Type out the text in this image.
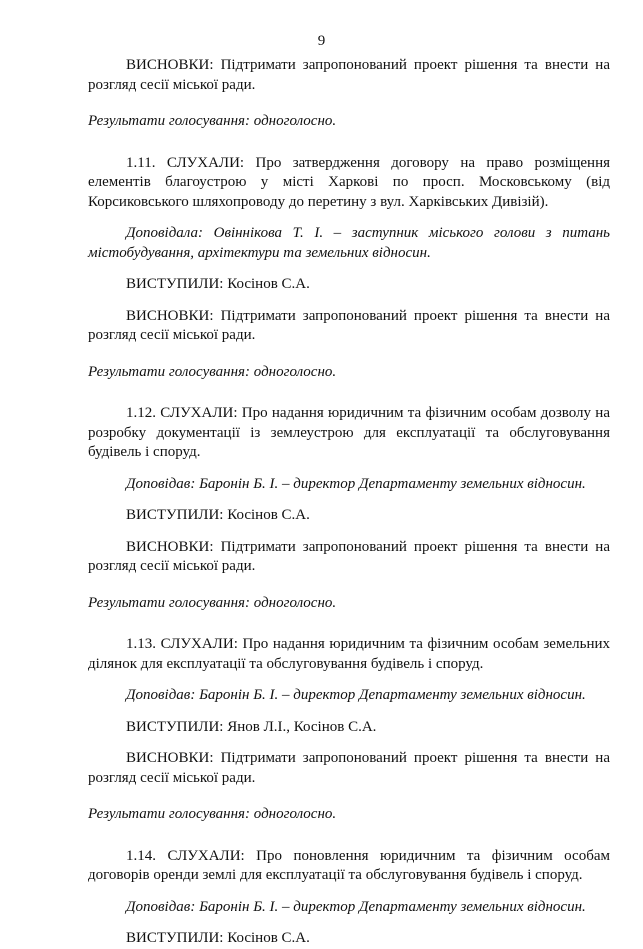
9

ВИСНОВКИ: Підтримати запропонований проект рішення та внести на розгляд сесії міської ради.

Результати голосування: одноголосно.

1.11. СЛУХАЛИ: Про затвердження договору на право розміщення елементів благоустрою у місті Харкові по просп. Московському (від Корсиковського шляхопроводу до перетину з вул. Харківських Дивізій).

Доповідала: Овіннікова Т. І. – заступник міського голови з питань містобудування, архітектури та земельних відносин.

ВИСТУПИЛИ: Косінов С.А.

ВИСНОВКИ: Підтримати запропонований проект рішення та внести на розгляд сесії міської ради.

Результати голосування: одноголосно.

1.12. СЛУХАЛИ: Про надання юридичним та фізичним особам дозволу на розробку документації із землеустрою для експлуатації та обслуговування будівель і споруд.

Доповідав: Баронін Б. І. – директор Департаменту земельних відносин.

ВИСТУПИЛИ: Косінов С.А.

ВИСНОВКИ: Підтримати запропонований проект рішення та внести на розгляд сесії міської ради.

Результати голосування: одноголосно.

1.13. СЛУХАЛИ: Про надання юридичним та фізичним особам земельних ділянок для експлуатації та обслуговування будівель і споруд.

Доповідав: Баронін Б. І. – директор Департаменту земельних відносин.

ВИСТУПИЛИ: Янов Л.І., Косінов С.А.

ВИСНОВКИ: Підтримати запропонований проект рішення та внести на розгляд сесії міської ради.

Результати голосування: одноголосно.

1.14. СЛУХАЛИ: Про поновлення юридичним та фізичним особам договорів оренди землі для експлуатації та обслуговування будівель і споруд.

Доповідав: Баронін Б. І. – директор Департаменту земельних відносин.

ВИСТУПИЛИ: Косінов С.А.
